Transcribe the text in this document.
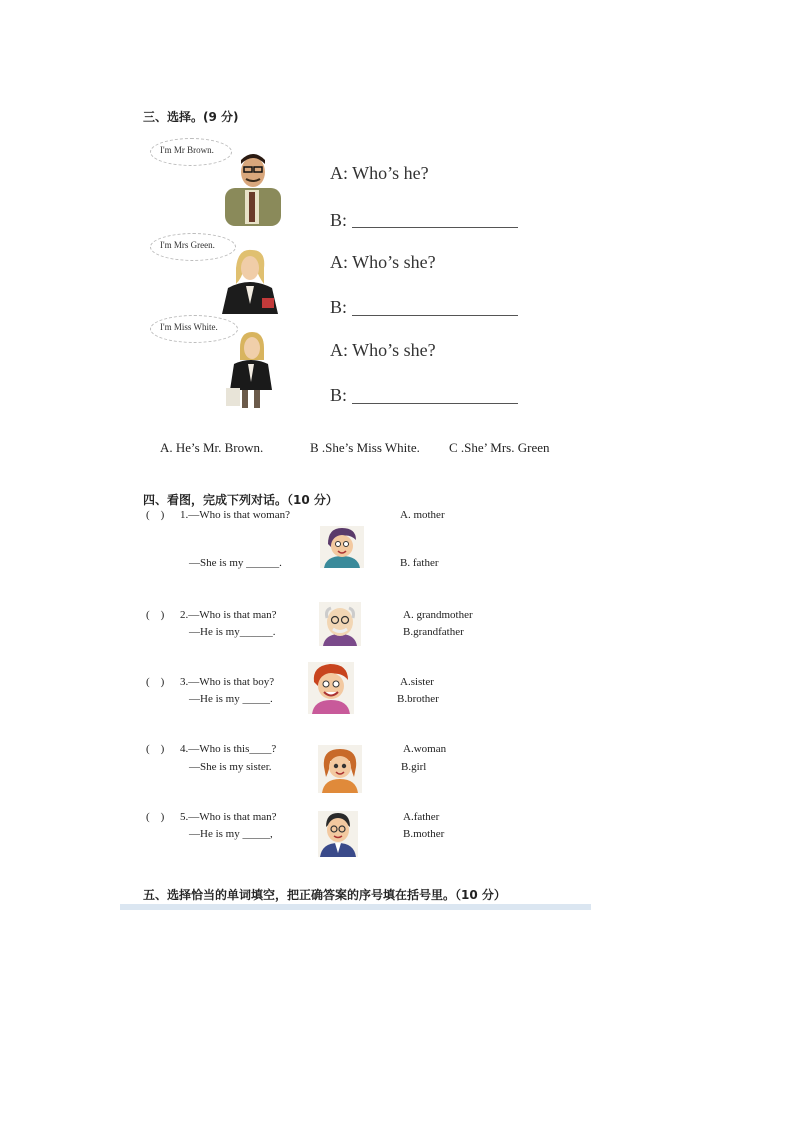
三、选择。(9 分)
I'm Mr Brown.
A: Who’s he?
B:
I'm Mrs Green.
A: Who’s she?
B:
I'm Miss White.
A: Who’s she?
B:
A. He’s Mr. Brown.	B .She’s Miss White. C .She’ Mrs. Green
四、看图，完成下列对话。（10 分）
(    ) 1.—Who is that woman?
—She is my ______.
A. mother
B. father
(    ) 2.—Who is that man?
—He is my______.
A. grandmother
B.grandfather
(    ) 3.—Who is that boy?
—He is my _____.
A.sister
B.brother
(    ) 4.—Who is this____?
—She is my sister.
A.woman
B.girl
(    ) 5.—Who is that man?
—He is my _____,
A.father
B.mother
五、选择恰当的单词填空，把正确答案的序号填在括号里。（10 分）
